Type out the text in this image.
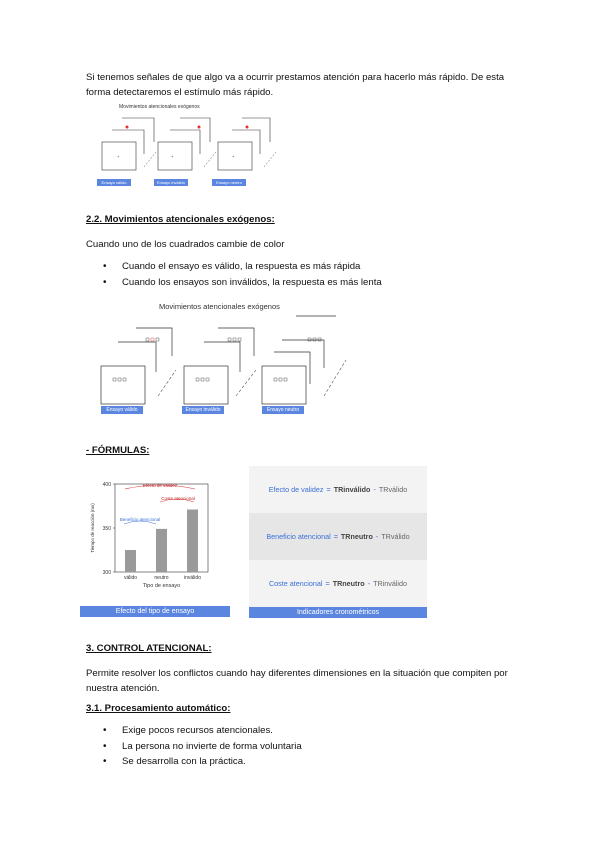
Si tenemos señales de que algo va a ocurrir prestamos atención para hacerlo más rápido. De esta forma detectaremos el estímulo más rápido.

Movimientos atencionales exógenos
+	+	+
Ensayo válido	Ensayo inválido	Ensayo neutro

2.2. Movimientos atencionales exógenos:

Cuando uno de los cuadrados cambie de color

• Cuando el ensayo es válido, la respuesta es más rápida
• Cuando los ensayos son inválidos, la respuesta es más lenta
Movimientos atencionales exógenos
Ensayo válido	Ensayo inválido	Ensayo neutro

- FÓRMULAS:

400
350
300
válido	neutro	inválido
Tipo de ensayo
Tiempo de reacción (ms)
Efecto de validez
Coste atencional
Beneficio atencional
Efecto del tipo de ensayo
Efecto de validez = TRinválido - TRválido
Beneficio atencional = TRneutro - TRválido
Coste atencional = TRneutro - TRinválido
Indicadores cronométricos

3. CONTROL ATENCIONAL:

Permite resolver los conflictos cuando hay diferentes dimensiones en la situación que compiten por nuestra atención.

3.1. Procesamiento automático:

• Exige pocos recursos atencionales.
• La persona no invierte de forma voluntaria
• Se desarrolla con la práctica.
